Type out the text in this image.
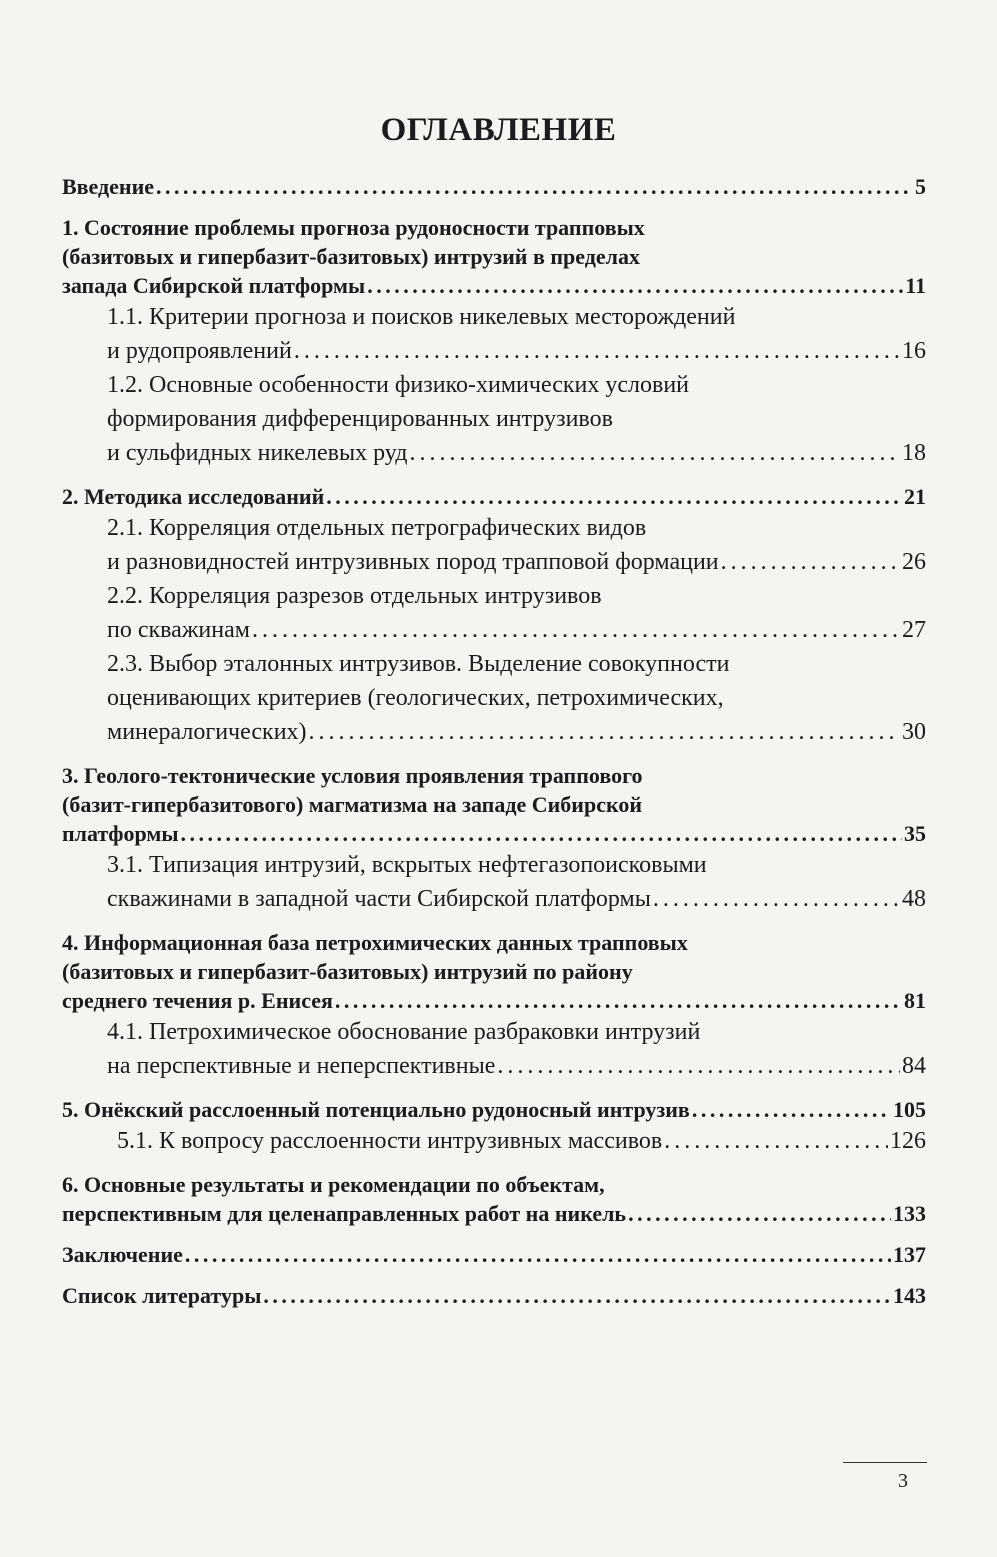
ОГЛАВЛЕНИЕ
Введение . . .	5
1. Состояние проблемы прогноза рудоносности трапповых
(базитовых и гипербазит-базитовых) интрузий в пределах
запада Сибирской платформы . . .	11
1.1. Критерии прогноза и поисков никелевых месторождений
и рудопроявлений . . .	16
1.2. Основные особенности физико-химических условий
формирования дифференцированных интрузивов
и сульфидных никелевых руд . . .	18
2. Методика исследований . . .	21
2.1. Корреляция отдельных петрографических видов
и разновидностей интрузивных пород трапповой формации . . .	26
2.2. Корреляция разрезов отдельных интрузивов
по скважинам . . .	27
2.3. Выбор эталонных интрузивов. Выделение совокупности
оценивающих критериев (геологических, петрохимических,
минералогических) . . .	30
3. Геолого-тектонические условия проявления траппового
(базит-гипербазитового) магматизма на западе Сибирской
платформы . . .	35
3.1. Типизация интрузий, вскрытых нефтегазопоисковыми
скважинами в западной части Сибирской платформы . . .	48
4. Информационная база петрохимических данных трапповых
(базитовых и гипербазит-базитовых) интрузий по району
среднего течения р. Енисея . . .	81
4.1. Петрохимическое обоснование разбраковки интрузий
на перспективные и неперспективные . . .	84
5. Онёкский расслоенный потенциально рудоносный интрузив . . .	105
5.1. К вопросу расслоенности интрузивных массивов . . .	126
6. Основные результаты и рекомендации по объектам,
перспективным для целенаправленных работ на никель . . .	133
Заключение . . .	137
Список литературы . . .	143
3
